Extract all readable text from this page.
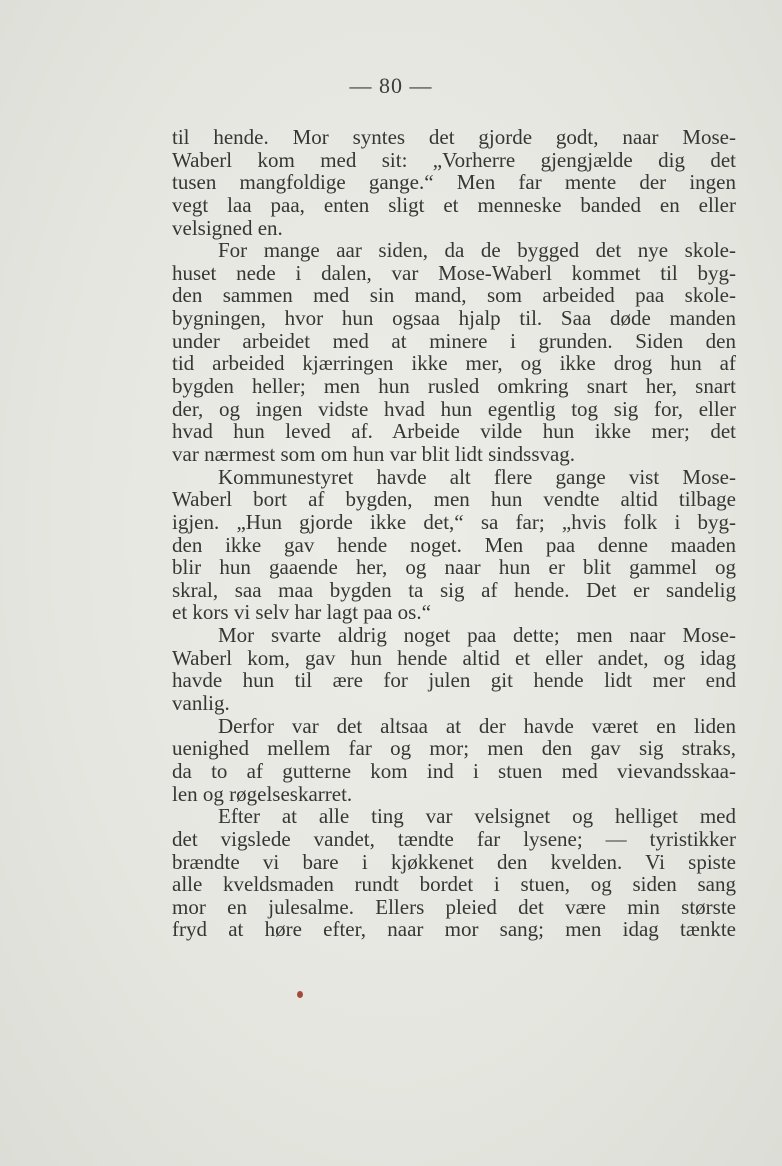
— 80 —
til hende. Mor syntes det gjorde godt, naar Mose-
Waberl kom med sit: „Vorherre gjengjælde dig det
tusen mangfoldige gange.“ Men far mente der ingen
vegt laa paa, enten sligt et menneske banded en eller
velsigned en.
For mange aar siden, da de bygged det nye skole-
huset nede i dalen, var Mose-Waberl kommet til byg-
den sammen med sin mand, som arbeided paa skole-
bygningen, hvor hun ogsaa hjalp til. Saa døde manden
under arbeidet med at minere i grunden. Siden den
tid arbeided kjærringen ikke mer, og ikke drog hun af
bygden heller; men hun rusled omkring snart her, snart
der, og ingen vidste hvad hun egentlig tog sig for, eller
hvad hun leved af. Arbeide vilde hun ikke mer; det
var nærmest som om hun var blit lidt sindssvag.
Kommunestyret havde alt flere gange vist Mose-
Waberl bort af bygden, men hun vendte altid tilbage
igjen. „Hun gjorde ikke det,“ sa far; „hvis folk i byg-
den ikke gav hende noget. Men paa denne maaden
blir hun gaaende her, og naar hun er blit gammel og
skral, saa maa bygden ta sig af hende. Det er sandelig
et kors vi selv har lagt paa os.“
Mor svarte aldrig noget paa dette; men naar Mose-
Waberl kom, gav hun hende altid et eller andet, og idag
havde hun til ære for julen git hende lidt mer end
vanlig.
Derfor var det altsaa at der havde været en liden
uenighed mellem far og mor; men den gav sig straks,
da to af gutterne kom ind i stuen med vievandsskaa-
len og røgelseskarret.
Efter at alle ting var velsignet og helliget med
det vigslede vandet, tændte far lysene; — tyristikker
brændte vi bare i kjøkkenet den kvelden. Vi spiste
alle kveldsmaden rundt bordet i stuen, og siden sang
mor en julesalme. Ellers pleied det være min største
fryd at høre efter, naar mor sang; men idag tænkte
